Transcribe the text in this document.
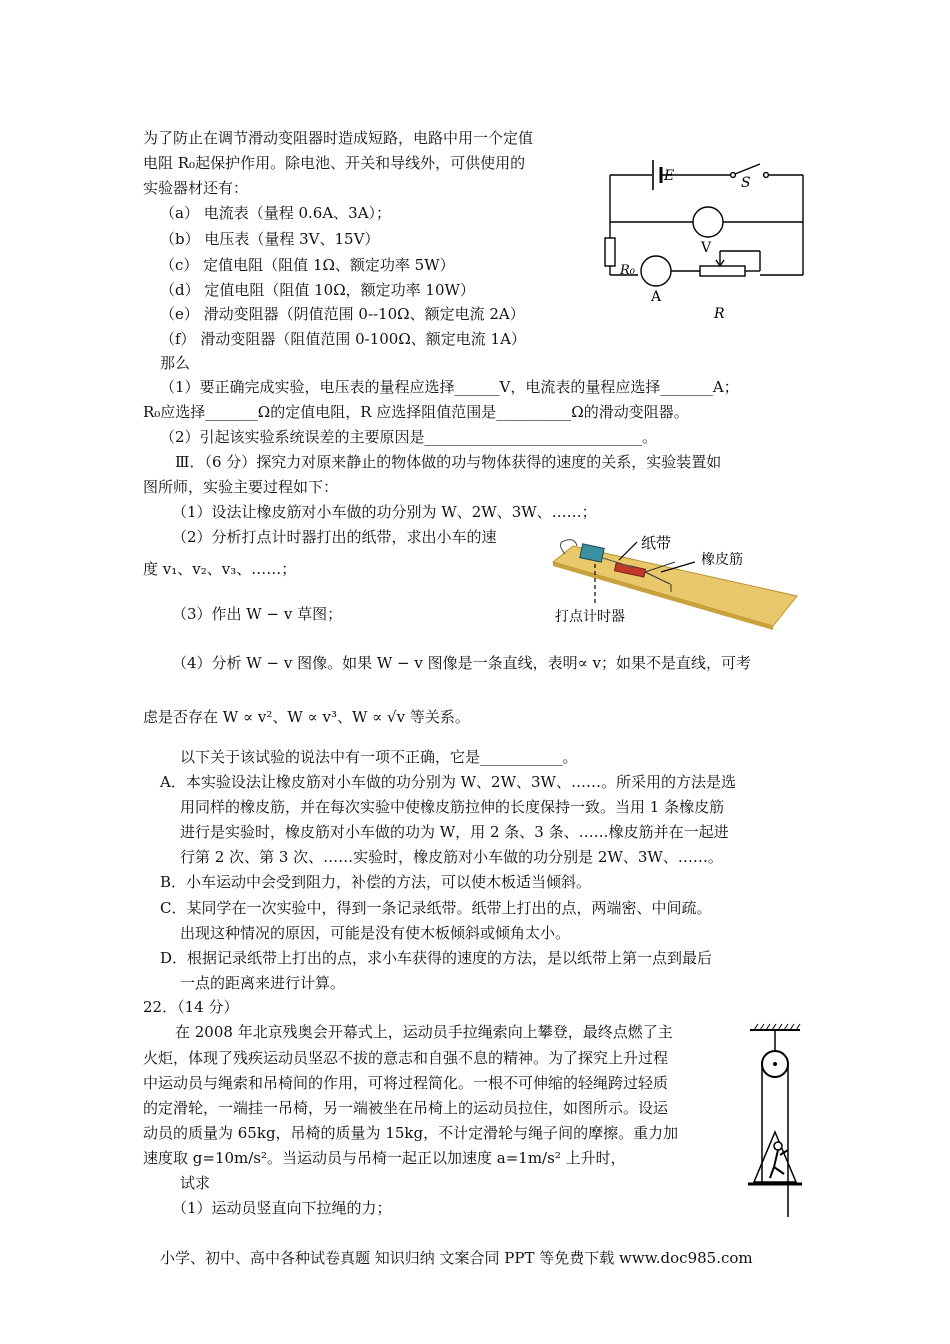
为了防止在调节滑动变阻器时造成短路，电路中用一个定值
电阻 R₀起保护作用。除电池、开关和导线外，可供使用的
实验器材还有：
（a） 电流表（量程 0.6A、3A）；
（b） 电压表（量程 3V、15V）
（c） 定值电阻（阻值 1Ω、额定功率 5W）
（d） 定值电阻（阻值 10Ω，额定功率 10W）
（e） 滑动变阻器（阴值范围 0--10Ω、额定电流 2A）
（f） 滑动变阻器（阻值范围 0-100Ω、额定电流 1A）
那么
（1）要正确完成实验，电压表的量程应选择______V，电流表的量程应选择_______A；
R₀应选择_______Ω的定值电阻，R 应选择阻值范围是__________Ω的滑动变阻器。
（2）引起该实验系统误差的主要原因是_____________________________。
E	S
V
R₀
A
R
Ⅲ．（6 分）探究力对原来静止的物体做的功与物体获得的速度的关系，实验装置如
图所师，实验主要过程如下：
（1）设法让橡皮筋对小车做的功分别为 W、2W、3W、……；
（2）分析打点计时器打出的纸带，求出小车的速
度 v₁、v₂、v₃、……；
（3）作出 W − v 草图；
（4）分析 W − v 图像。如果 W − v 图像是一条直线，表明∝ v；如果不是直线，可考
虑是否存在 W ∝ v²、W ∝ v³、W ∝ √v 等关系。
以下关于该试验的说法中有一项不正确，它是___________。
A．本实验设法让橡皮筋对小车做的功分别为 W、2W、3W、……。所采用的方法是选
用同样的橡皮筋，并在每次实验中使橡皮筋拉伸的长度保持一致。当用 1 条橡皮筋
进行是实验时，橡皮筋对小车做的功为 W，用 2 条、3 条、……橡皮筋并在一起进
行第 2 次、第 3 次、……实验时，橡皮筋对小车做的功分别是 2W、3W、……。
B．小车运动中会受到阻力，补偿的方法，可以使木板适当倾斜。
C．某同学在一次实验中，得到一条记录纸带。纸带上打出的点，两端密、中间疏。
出现这种情况的原因，可能是没有使木板倾斜或倾角太小。
D．根据记录纸带上打出的点，求小车获得的速度的方法，是以纸带上第一点到最后
一点的距离来进行计算。
纸带
橡皮筋
打点计时器
22．（14 分）
在 2008 年北京残奥会开幕式上，运动员手拉绳索向上攀登，最终点燃了主
火炬，体现了残疾运动员坚忍不拔的意志和自强不息的精神。为了探究上升过程
中运动员与绳索和吊椅间的作用，可将过程简化。一根不可伸缩的轻绳跨过轻质
的定滑轮，一端挂一吊椅，另一端被坐在吊椅上的运动员拉住，如图所示。设运
动员的质量为 65kg，吊椅的质量为 15kg，不计定滑轮与绳子间的摩擦。重力加
速度取 g=10m/s²。当运动员与吊椅一起正以加速度 a=1m/s² 上升时，
试求
（1）运动员竖直向下拉绳的力；
小学、初中、高中各种试卷真题 知识归纳 文案合同 PPT 等免费下载 www.doc985.com
